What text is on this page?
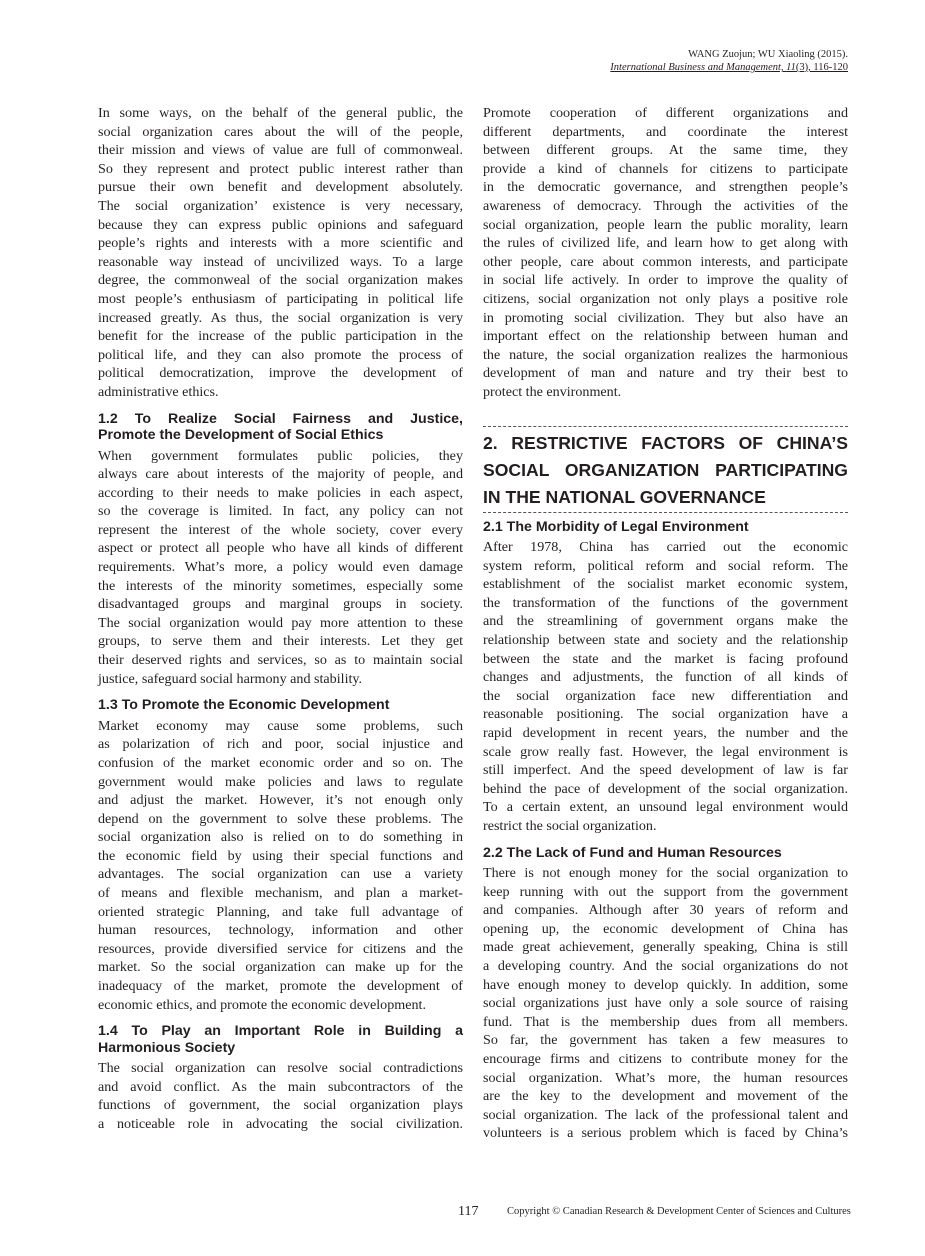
WANG Zuojun; WU Xiaoling (2015).
International Business and Management, 11(3), 116-120
In some ways, on the behalf of the general public, the
social organization cares about the will of the people,
their mission and views of value are full of commonweal.
So they represent and protect public interest rather than
pursue their own benefit and development absolutely.
The social organization’ existence is very necessary,
because they can express public opinions and safeguard
people’s rights and interests with a more scientific and
reasonable way instead of uncivilized ways. To a large
degree, the commonweal of the social organization makes
most people’s enthusiasm of participating in political life
increased greatly. As thus, the social organization is very
benefit for the increase of the public participation in the
political life, and they can also promote the process of
political democratization, improve the development of
administrative ethics.
1.2 To Realize Social Fairness and Justice,
Promote the Development of Social Ethics
When government formulates public policies, they
always care about interests of the majority of people, and
according to their needs to make policies in each aspect,
so the coverage is limited. In fact, any policy can not
represent the interest of the whole society, cover every
aspect or protect all people who have all kinds of different
requirements. What’s more, a policy would even damage
the interests of the minority sometimes, especially some
disadvantaged groups and marginal groups in society.
The social organization would pay more attention to these
groups, to serve them and their interests. Let they get
their deserved rights and services, so as to maintain social
justice, safeguard social harmony and stability.
1.3 To Promote the Economic Development
Market economy may cause some problems, such
as polarization of rich and poor, social injustice and
confusion of the market economic order and so on. The
government would make policies and laws to regulate
and adjust the market. However, it’s not enough only
depend on the government to solve these problems. The
social organization also is relied on to do something in
the economic field by using their special functions and
advantages. The social organization can use a variety
of means and flexible mechanism, and plan a market-
oriented strategic Planning, and take full advantage of
human resources, technology, information and other
resources, provide diversified service for citizens and the
market. So the social organization can make up for the
inadequacy of the market, promote the development of
economic ethics, and promote the economic development.
1.4 To Play an Important Role in Building a
Harmonious Society
The social organization can resolve social contradictions
and avoid conflict. As the main subcontractors of the
functions of government, the social organization plays
a noticeable role in advocating the social civilization.
Promote cooperation of different organizations and
different departments, and coordinate the interest
between different groups. At the same time, they
provide a kind of channels for citizens to participate
in the democratic governance, and strengthen people’s
awareness of democracy. Through the activities of the
social organization, people learn the public morality, learn
the rules of civilized life, and learn how to get along with
other people, care about common interests, and participate
in social life actively. In order to improve the quality of
citizens, social organization not only plays a positive role
in promoting social civilization. They but also have an
important effect on the relationship between human and
the nature, the social organization realizes the harmonious
development of man and nature and try their best to
protect the environment.
2. RESTRICTIVE FACTORS OF CHINA’S
SOCIAL ORGANIZATION PARTICIPATING
IN THE NATIONAL GOVERNANCE
2.1 The Morbidity of Legal Environment
After 1978, China has carried out the economic
system reform, political reform and social reform. The
establishment of the socialist market economic system,
the transformation of the functions of the government
and the streamlining of government organs make the
relationship between state and society and the relationship
between the state and the market is facing profound
changes and adjustments, the function of all kinds of
the social organization face new differentiation and
reasonable positioning. The social organization have a
rapid development in recent years, the number and the
scale grow really fast. However, the legal environment is
still imperfect. And the speed development of law is far
behind the pace of development of the social organization.
To a certain extent, an unsound legal environment would
restrict the social organization.
2.2 The Lack of Fund and Human Resources
There is not enough money for the social organization to
keep running with out the support from the government
and companies. Although after 30 years of reform and
opening up, the economic development of China has
made great achievement, generally speaking, China is still
a developing country. And the social organizations do not
have enough money to develop quickly. In addition, some
social organizations just have only a sole source of raising
fund. That is the membership dues from all members.
So far, the government has taken a few measures to
encourage firms and citizens to contribute money for the
social organization. What’s more, the human resources
are the key to the development and movement of the
social organization. The lack of the professional talent and
volunteers is a serious problem which is faced by China’s
117	Copyright © Canadian Research & Development Center of Sciences and Cultures
